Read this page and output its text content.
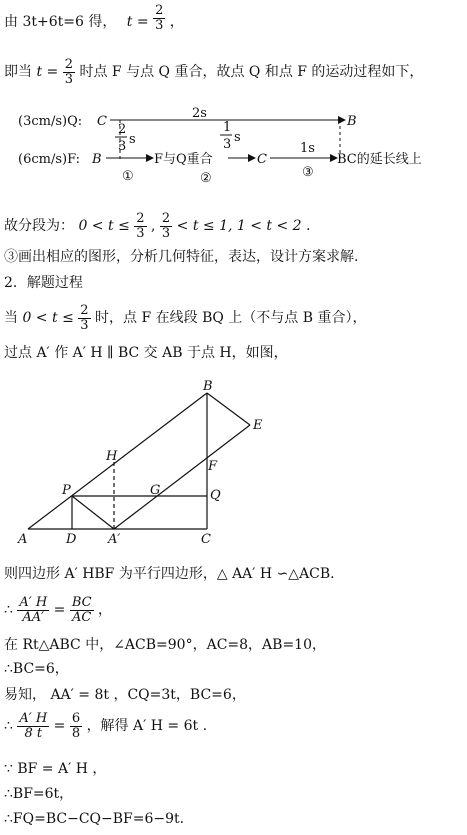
由 3t+6t=6 得， $t = \frac{2}{3}$ ，
即当 $t = \frac{2}{3}$ 时点 F 与点 Q 重合，故点 Q 和点 F 的运动过程如下，
(3cm/s)Q: C	B
2s
(6cm/s)F: B
2
3 s
F与Q重合
1
3 s
C
1s
BC的延长线上
①	②	③
故分段为： $0 < t \le \frac{2}{3}$ , $\frac{2}{3} < t \le 1$, 1 < t < 2 .
③画出相应的图形，分析几何特征，表达，设计方案求解.
2．解题过程
当 $0 < t \le \frac{2}{3}$ 时，点 F 在线段 BQ 上（不与点 B 重合），
过点 A′ 作 A′ H ∥ BC 交 AB 于点 H，如图，
A	D A′	C
P	G	Q
H
F
B
E
则四边形 A′ HBF 为平行四边形，△ AA′ H ∽△ACB.
∴ $\frac{A' H}{AA'} = \frac{BC}{AC}$ ，
在 Rt△ABC 中，∠ACB=90°，AC=8，AB=10，
∴BC=6，
易知， AA′ = 8t ，CQ=3t，BC=6，
∴ $\frac{A' H}{8 t} = \frac{6}{8}$ ，解得 A′ H = 6t .
∵ BF = A′ H ，
∴BF=6t，
∴FQ=BC−CQ−BF=6−9t.
